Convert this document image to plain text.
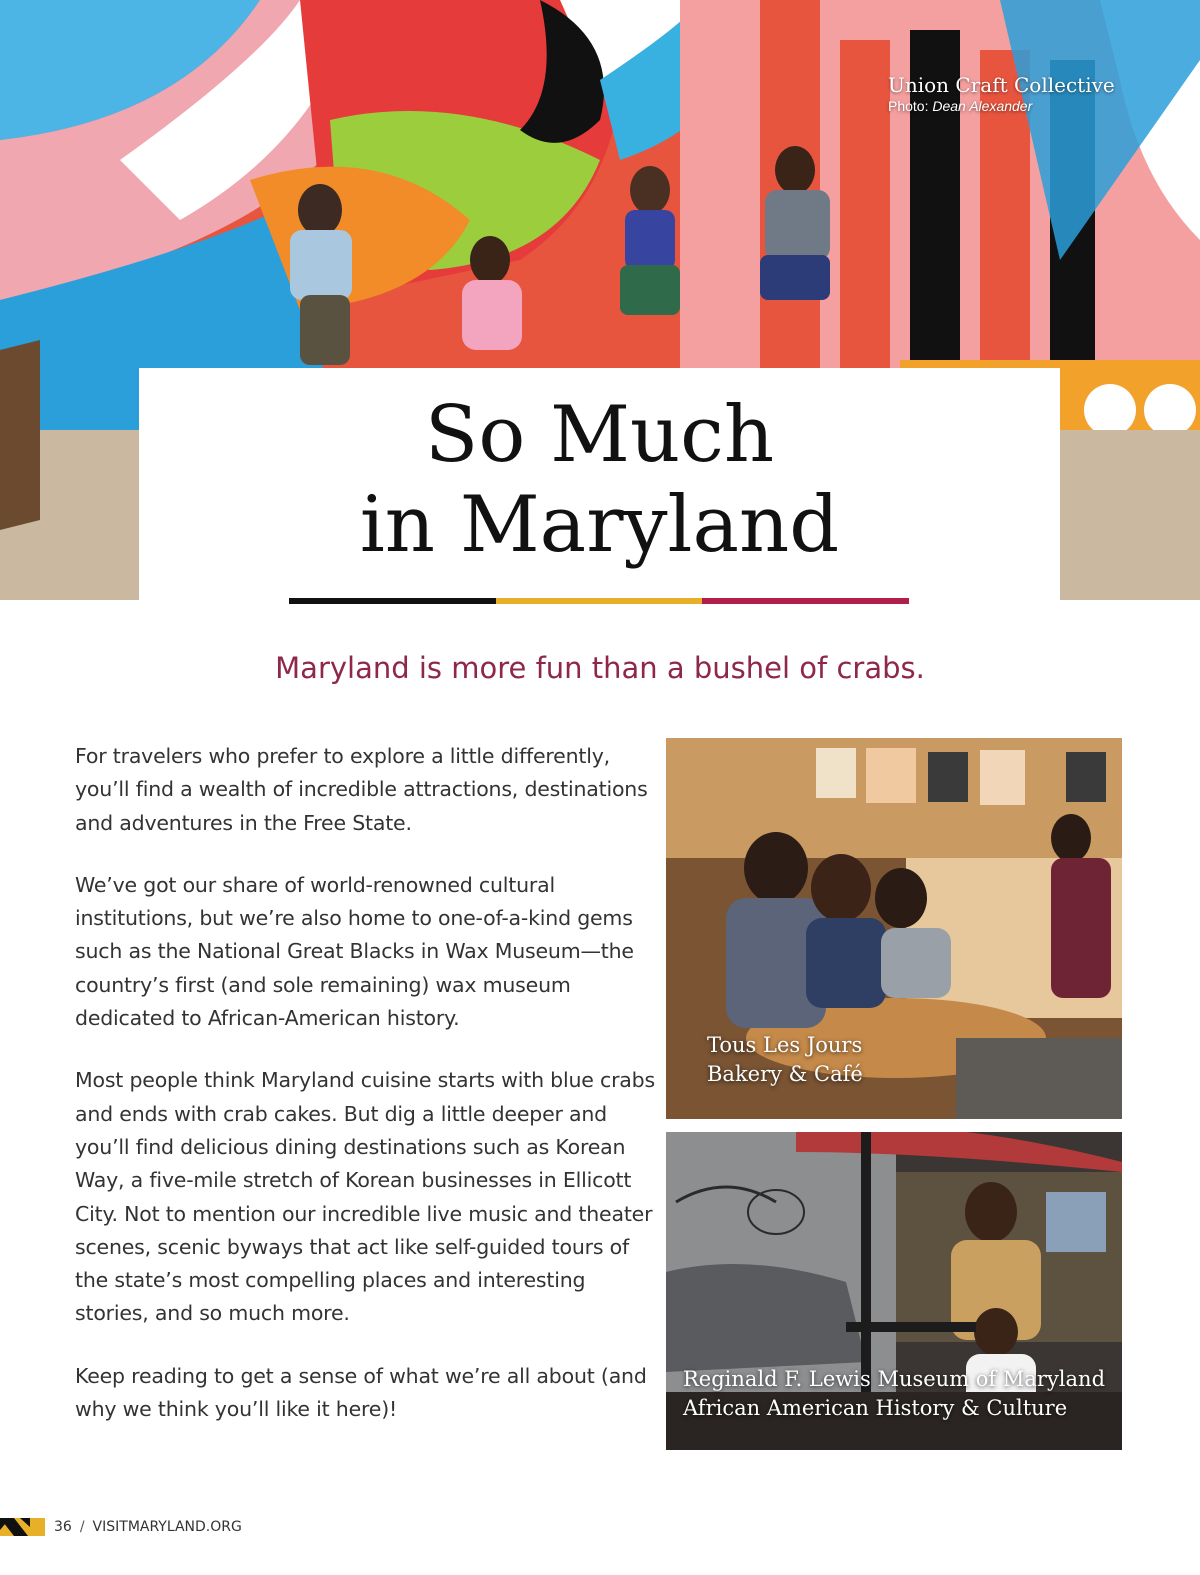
Union Craft Collective
Photo: Dean Alexander
So Much
in Maryland
Maryland is more fun than a bushel of crabs.

For travelers who prefer to explore a little differently, you’ll find a wealth of incredible attractions, destinations and adventures in the Free State.

We’ve got our share of world-renowned cultural institutions, but we’re also home to one-of-a-kind gems such as the National Great Blacks in Wax Museum—the country’s first (and sole remaining) wax museum dedicated to African-American history.

Most people think Maryland cuisine starts with blue crabs and ends with crab cakes. But dig a little deeper and you’ll find delicious dining destinations such as Korean Way, a five-mile stretch of Korean businesses in Ellicott City. Not to mention our incredible live music and theater scenes, scenic byways that act like self-guided tours of the state’s most compelling places and interesting stories, and so much more.

Keep reading to get a sense of what we’re all about (and why we think you’ll like it here)!

Tous Les Jours
Bakery & Café
Reginald F. Lewis Museum of Maryland
African American History & Culture
36 / VISITMARYLAND.ORG
